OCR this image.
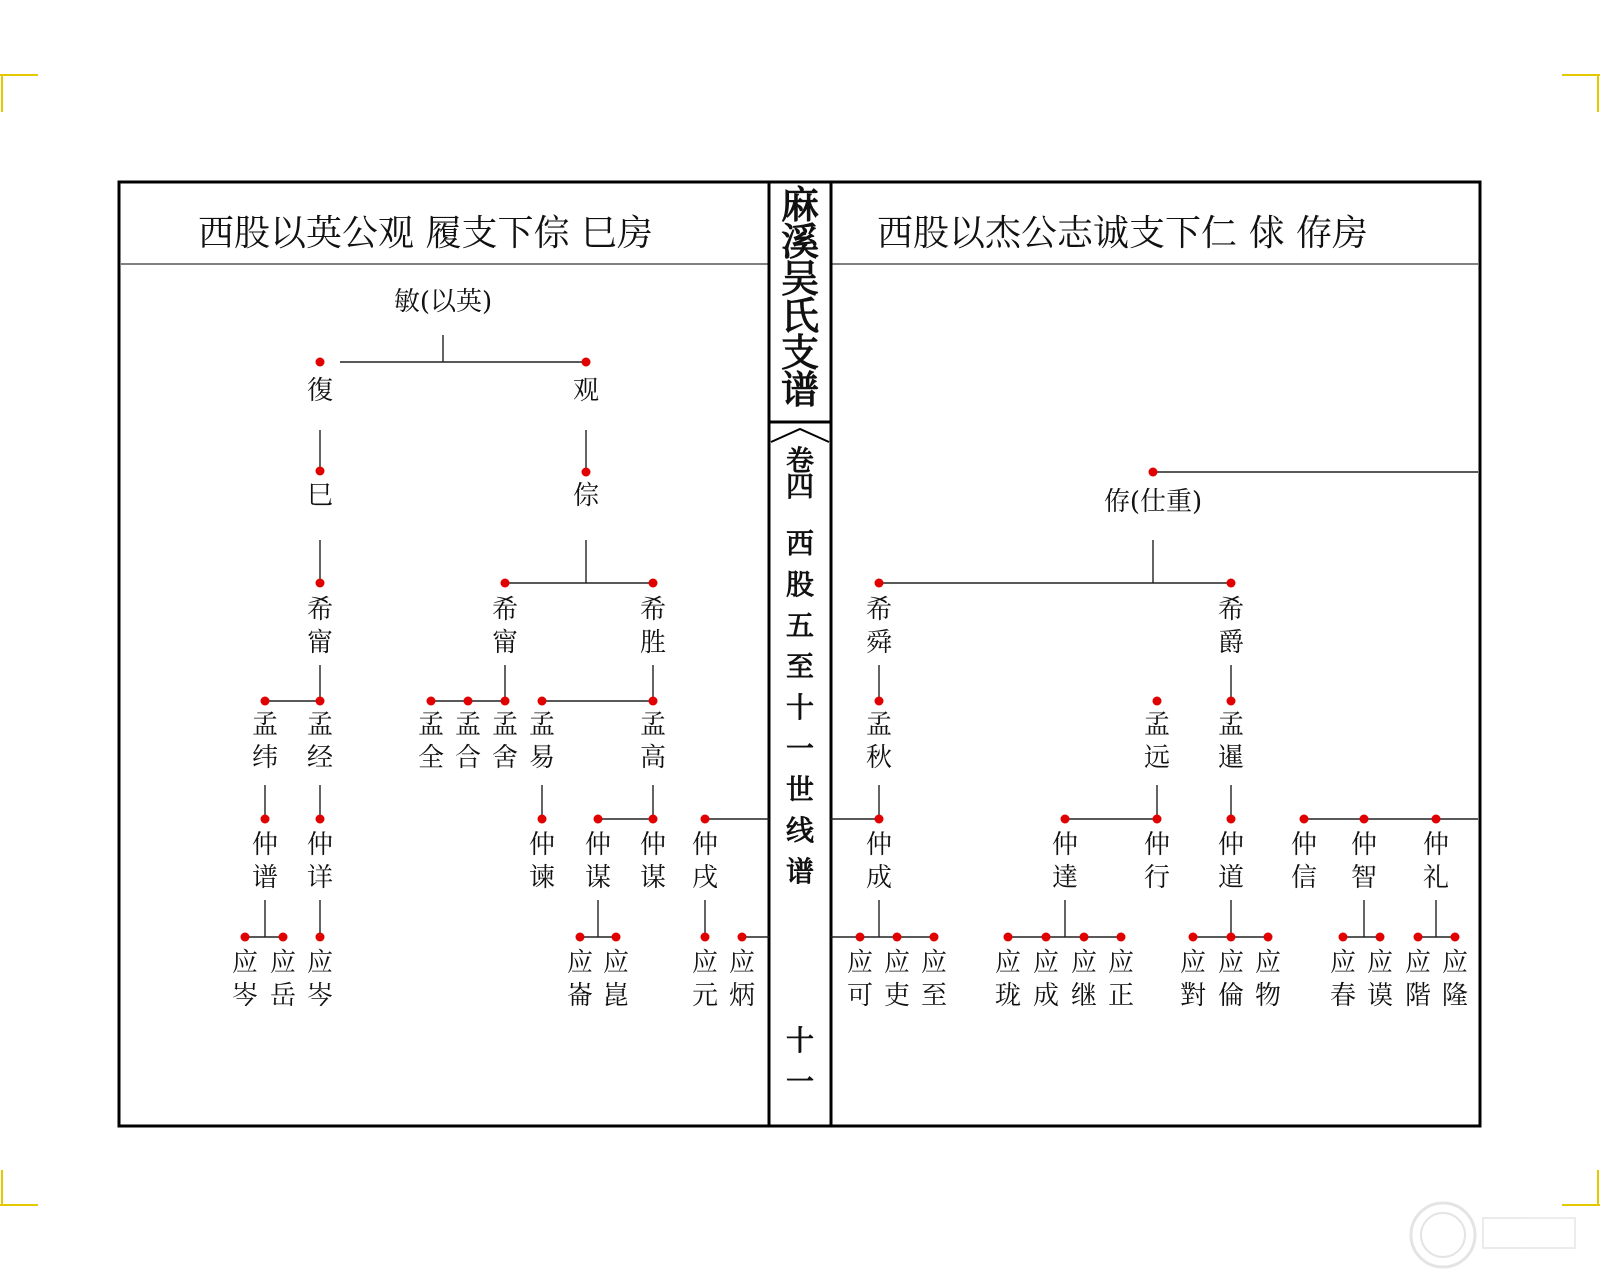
西股以英公观 履支下倧 巳房	西股以杰公志诚支下仁 俅 侟房
麻
溪
吴
氏
支
谱
卷
四
西
股
五
至
十
一
世
线
谱
十
一
敏(以英)
復	观
巳	倧
希
甯
希
甯
希
胜
孟
纬
孟
经
孟
全
孟
合
孟
舍
孟
易
孟
高
仲
谱
仲
详
仲
谏
仲
谋
仲
谋
仲
戌
应
岑
应
岳
应
岑
应
崙
应
崑
应
元
应
炳
侟(仕重)
希
舜
希
爵
孟
秋
孟
远
孟
暹
仲
成
仲
達
仲
行
仲
道
仲
信
仲
智
仲
礼
应
可
应
吏
应
至
应
珑
应
成
应
继
应
正
应
對
应
倫
应
物
应
春
应
谟
应
階
应
隆
